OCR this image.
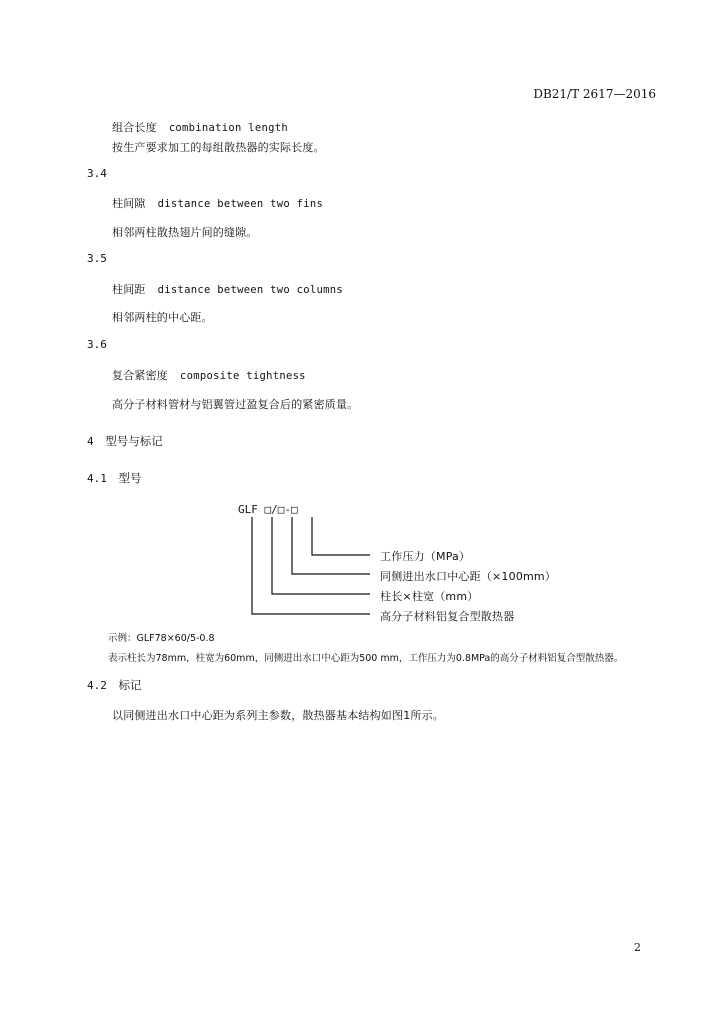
DB21/T 2617—2016
组合长度 combination length
按生产要求加工的每组散热器的实际长度。
3.4
柱间隙 distance between two fins
相邻两柱散热翅片间的缝隙。
3.5
柱间距 distance between two columns
相邻两柱的中心距。
3.6
复合紧密度 composite tightness
高分子材料管材与铝翼管过盈复合后的紧密质量。
4 型号与标记
4.1 型号
GLF □/□-□
工作压力（MPa）
同侧进出水口中心距（×100mm）
柱长×柱宽（mm）
高分子材料铝复合型散热器
示例：GLF78×60/5-0.8
表示柱长为78mm，柱宽为60mm，同侧进出水口中心距为500 mm，工作压力为0.8MPa的高分子材料铝复合型散热器。
4.2 标记
以同侧进出水口中心距为系列主参数，散热器基本结构如图1所示。
2
